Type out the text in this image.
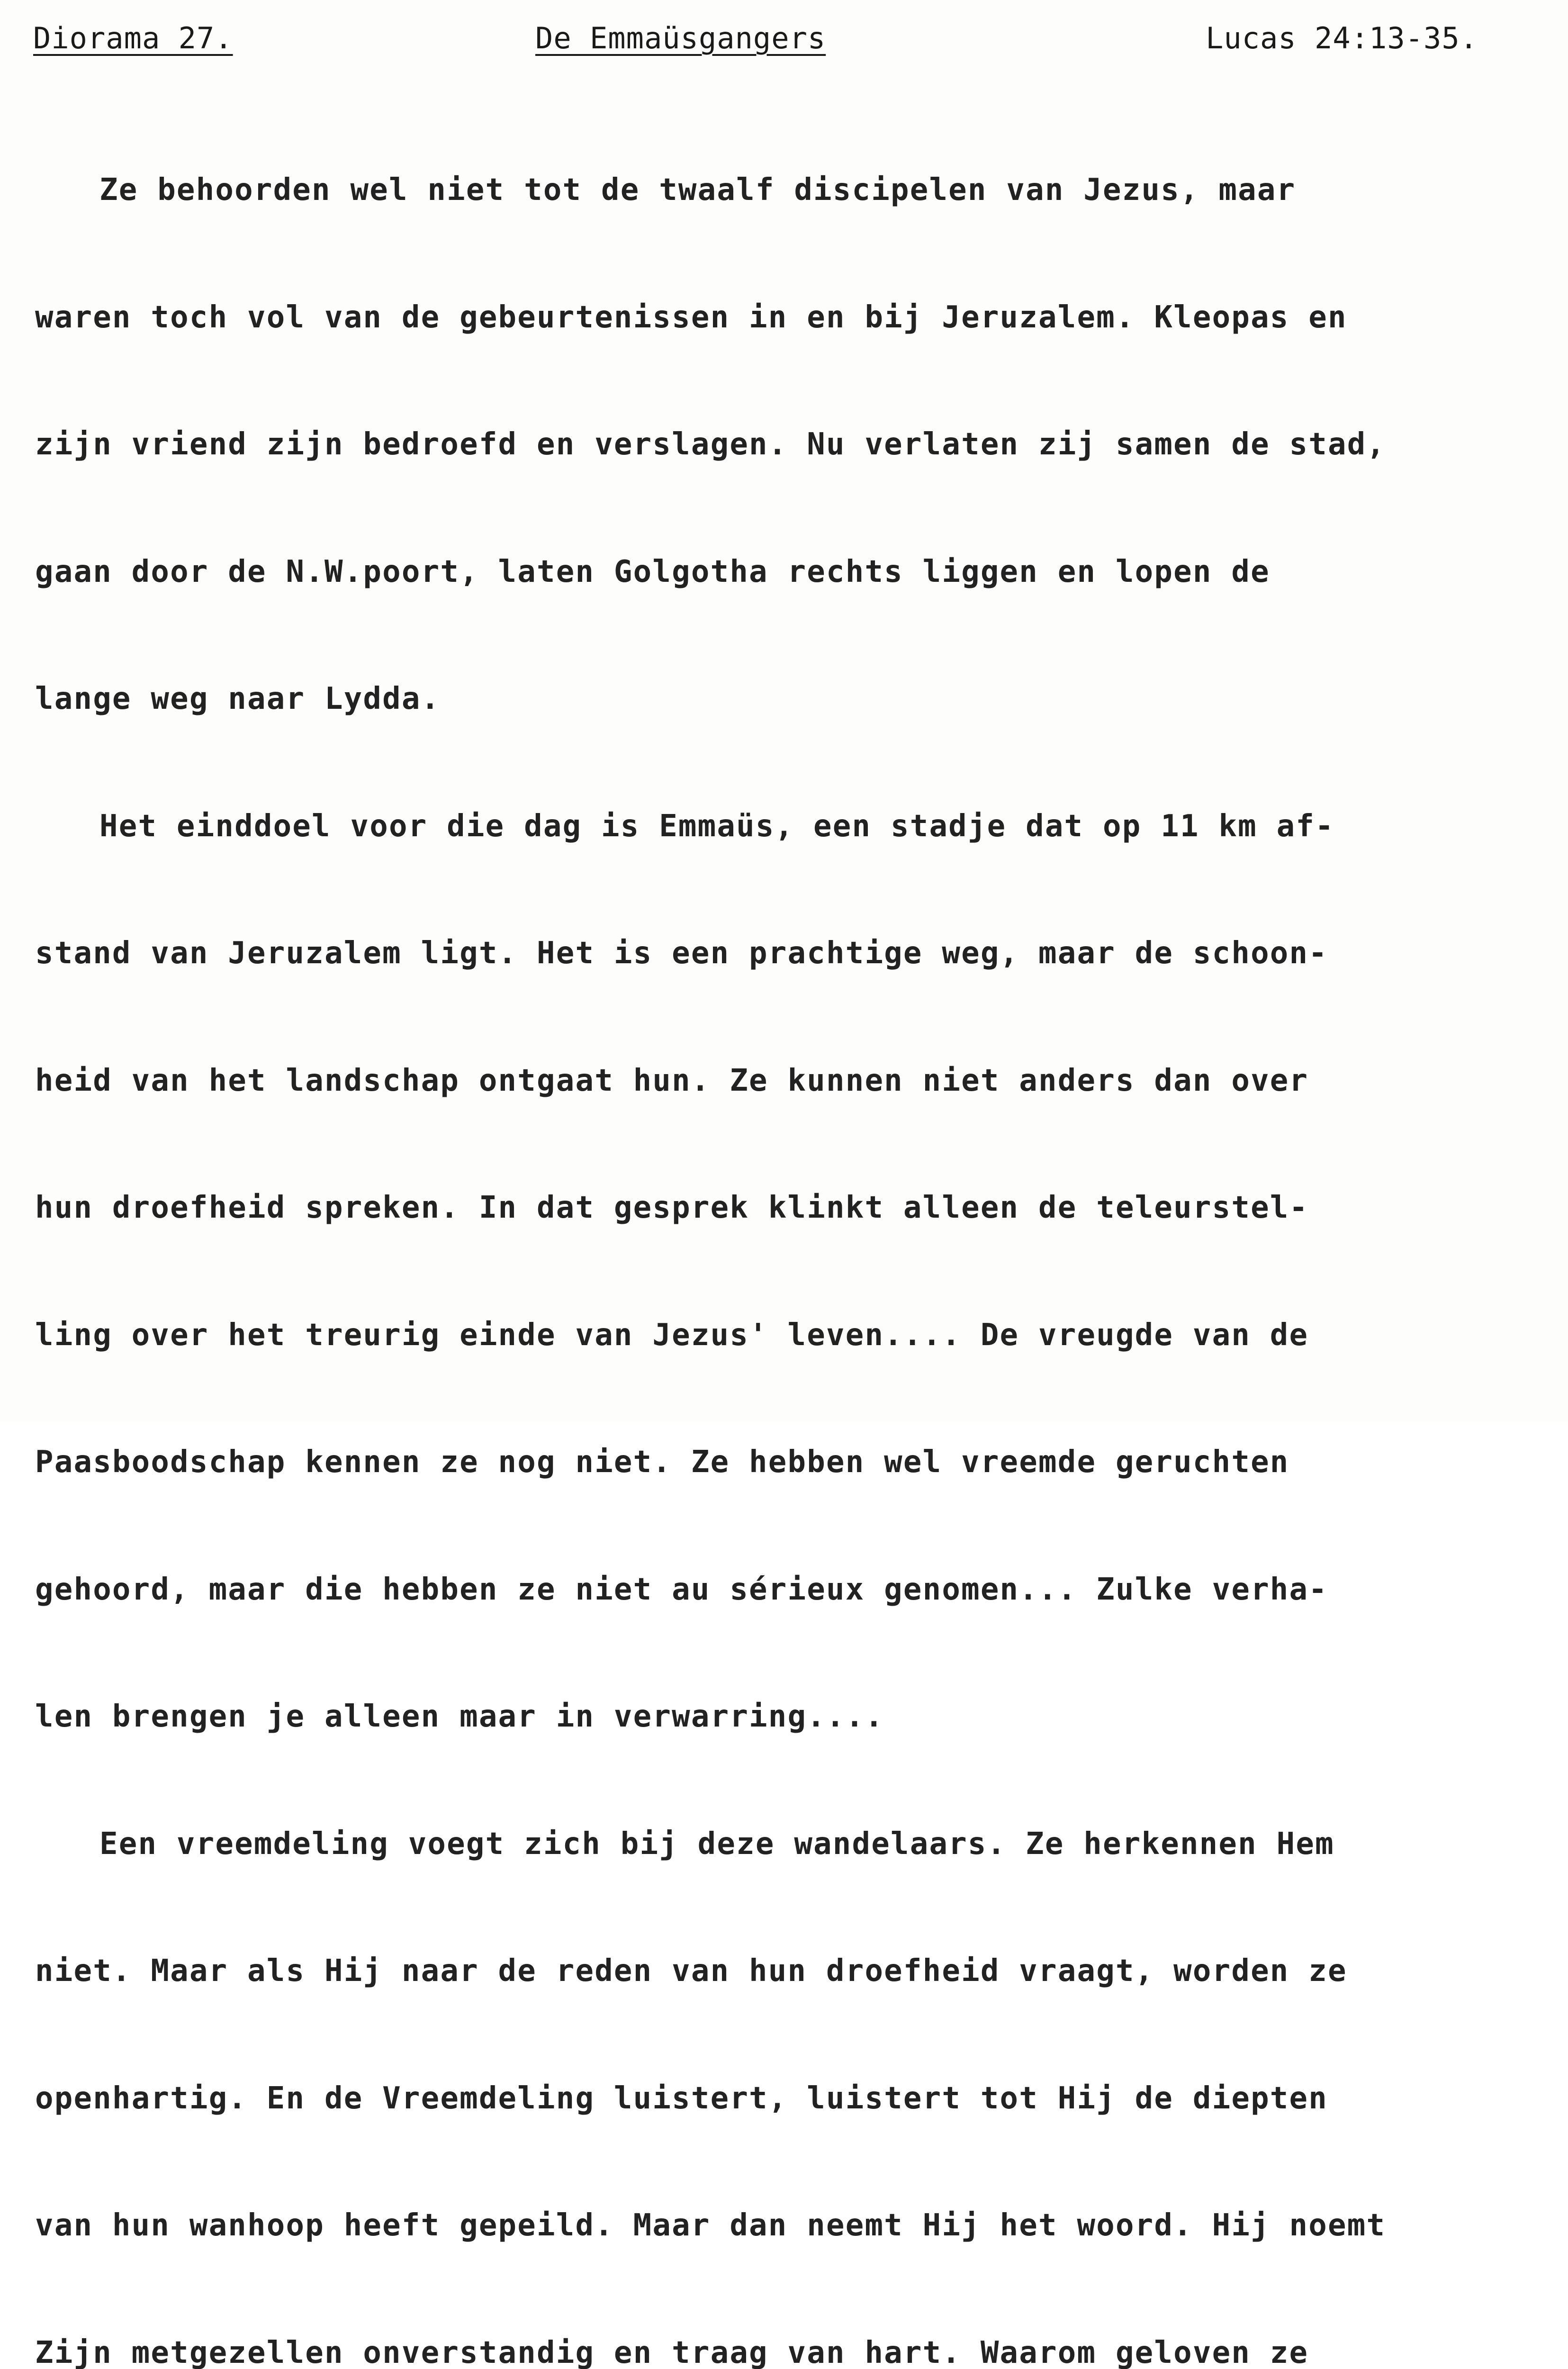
Diorama 27.	De Emmaüsgangers	Lucas 24:13-35.

Ze behoorden wel niet tot de twaalf discipelen van Jezus, maar

waren toch vol van de gebeurtenissen in en bij Jeruzalem. Kleopas en

zijn vriend zijn bedroefd en verslagen. Nu verlaten zij samen de stad,

gaan door de N.W.poort, laten Golgotha rechts liggen en lopen de

lange weg naar Lydda.

Het einddoel voor die dag is Emmaüs, een stadje dat op 11 km af-

stand van Jeruzalem ligt. Het is een prachtige weg, maar de schoon-

heid van het landschap ontgaat hun. Ze kunnen niet anders dan over

hun droefheid spreken. In dat gesprek klinkt alleen de teleurstel-

ling over het treurig einde van Jezus' leven.... De vreugde van de

Paasboodschap kennen ze nog niet. Ze hebben wel vreemde geruchten

gehoord, maar die hebben ze niet au sérieux genomen... Zulke verha-

len brengen je alleen maar in verwarring....

Een vreemdeling voegt zich bij deze wandelaars. Ze herkennen Hem

niet. Maar als Hij naar de reden van hun droefheid vraagt, worden ze

openhartig. En de Vreemdeling luistert, luistert tot Hij de diepten

van hun wanhoop heeft gepeild. Maar dan neemt Hij het woord. Hij noemt

Zijn metgezellen onverstandig en traag van hart. Waarom geloven ze
